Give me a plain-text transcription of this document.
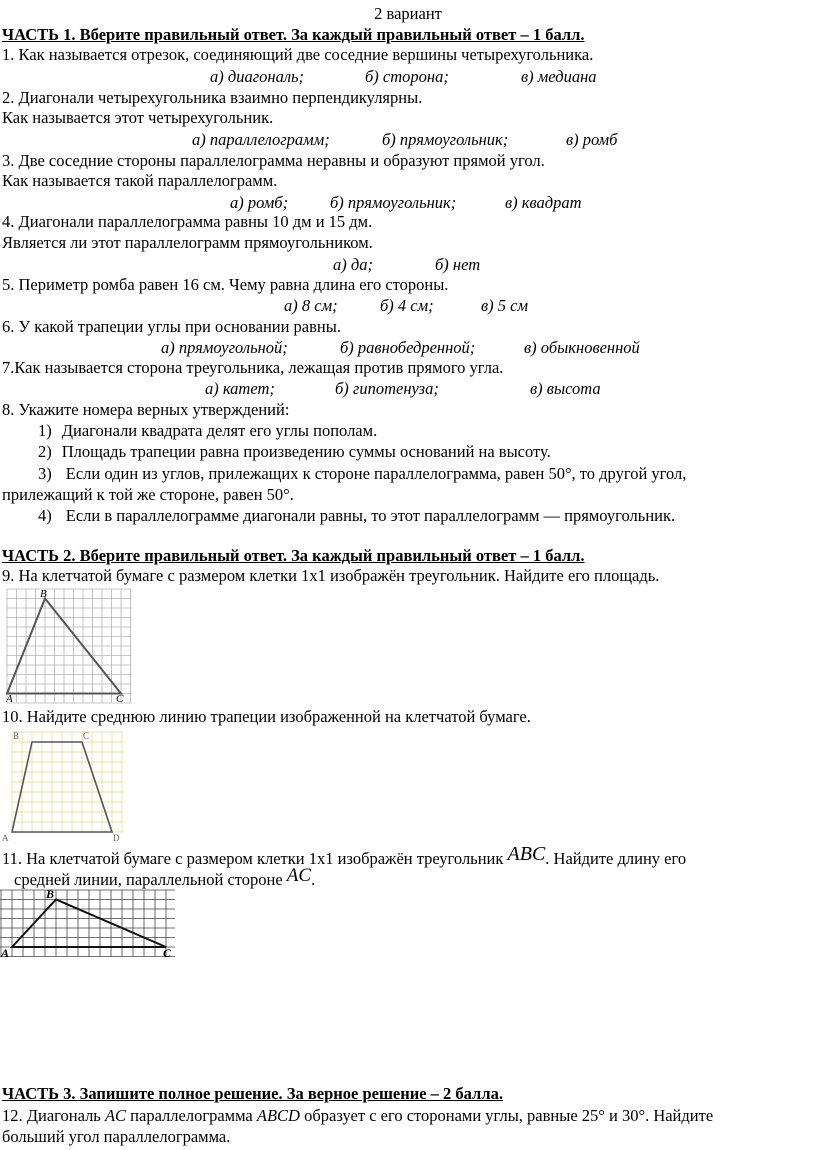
2 вариант
ЧАСТЬ 1. Вберите правильный ответ. За каждый правильный ответ – 1 балл.
1. Как называется отрезок, соединяющий две соседние вершины четырехугольника.
а) диагональ;	б) сторона;	в) медиана
2. Диагонали четырехугольника взаимно перпендикулярны.
Как называется этот четырехугольник.
а) параллелограмм;	б) прямоугольник;	в) ромб
3. Две соседние стороны параллелограмма неравны и образуют прямой угол.
Как называется такой параллелограмм.
а) ромб;	б) прямоугольник;	в) квадрат
4. Диагонали параллелограмма равны 10 дм и 15 дм.
Является ли этот параллелограмм прямоугольником.
а) да;	б) нет
5. Периметр ромба равен 16 см. Чему равна длина его стороны.
а) 8 см;	б) 4 см;	в) 5 см
6. У какой трапеции углы при основании равны.
а) прямоугольной;	б) равнобедренной;	в) обыкновенной
7.Как называется сторона треугольника, лежащая против прямого угла.
а) катет;	б) гипотенуза;	в) высота
8. Укажите номера верных утверждений:
1) Диагонали квадрата делят его углы пополам.
2) Площадь трапеции равна произведению суммы оснований на высоту.
3) Если один из углов, прилежащих к стороне параллелограмма, равен 50°, то другой угол,
прилежащий к той же стороне, равен 50°.
4) Если в параллелограмме диагонали равны, то этот параллелограмм — прямоугольник.
ЧАСТЬ 2. Вберите правильный ответ. За каждый правильный ответ – 1 балл.
9. На клетчатой бумаге с размером клетки 1х1 изображён треугольник. Найдите его площадь.
B
A	C
10. Найдите среднюю линию трапеции изображенной на клетчатой бумаге.
B	C
A	D
11. На клетчатой бумаге с размером клетки 1х1 изображён треугольник ABC. Найдите длину его
средней линии, параллельной стороне AC.
B
A	C
ЧАСТЬ 3. Запишите полное решение. За верное решение – 2 балла.
12. Диагональ AC параллелограмма ABCD образует с его сторонами углы, равные 25° и 30°. Найдите
больший угол параллелограмма.
